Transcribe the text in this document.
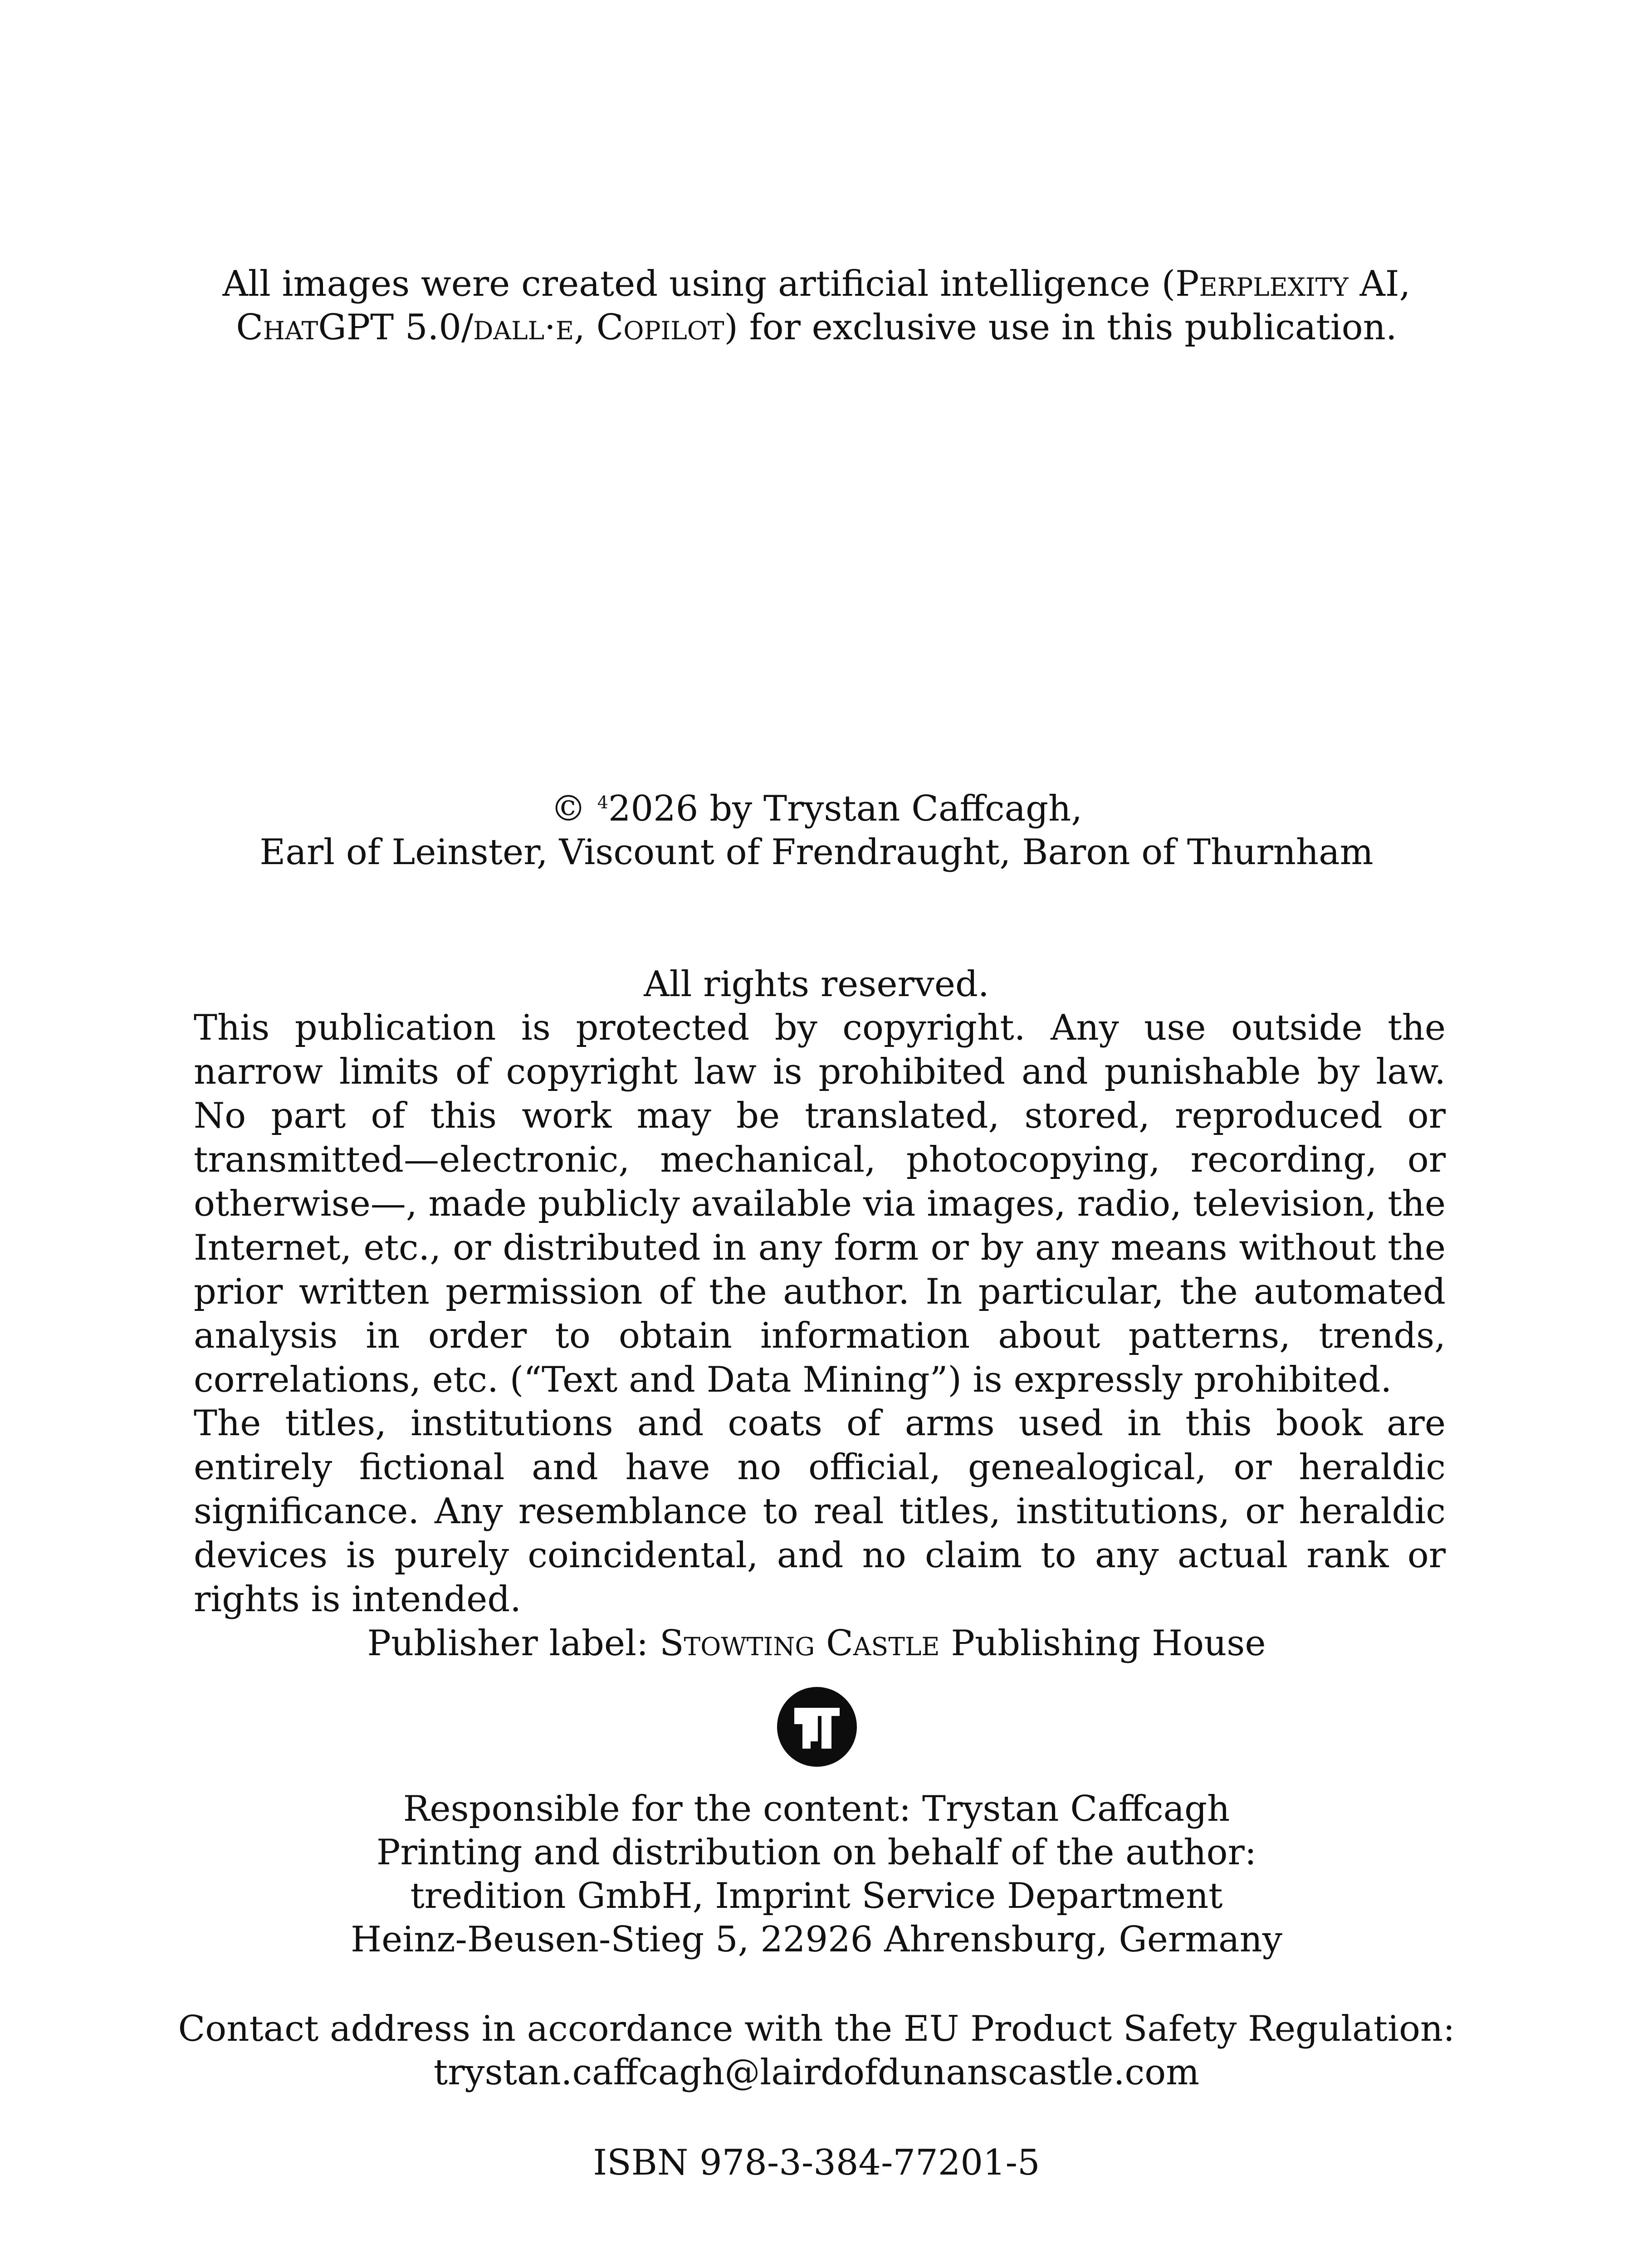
All images were created using artificial intelligence (Perplexity AI,
ChatGPT 5.0/dall·e, Copilot) for exclusive use in this publication.
© $^4$2026 by Trystan Caffcagh,
Earl of Leinster, Viscount of Frendraught, Baron of Thurnham
All rights reserved.
This publication is protected by copyright. Any use outside the narrow limits of copyright law is prohibited and punishable by law. No part of this work may be translated, stored, reproduced or transmitted—electronic, mechanical, photocopying, recording, or otherwise—, made publicly available via images, radio, television, the Internet, etc., or distributed in any form or by any means without the prior written permission of the author. In particular, the automated analysis in order to obtain information about patterns, trends, correlations, etc. (“Text and Data Mining”) is expressly prohibited.
The titles, institutions and coats of arms used in this book are entirely fictional and have no official, genealogical, or heraldic significance. Any resemblance to real titles, institutions, or heraldic devices is purely coincidental, and no claim to any actual rank or rights is intended.
Publisher label: Stowting Castle Publishing House
Responsible for the content: Trystan Caffcagh
Printing and distribution on behalf of the author:
tredition GmbH, Imprint Service Department
Heinz-Beusen-Stieg 5, 22926 Ahrensburg, Germany
Contact address in accordance with the EU Product Safety Regulation:
trystan.caffcagh@lairdofdunanscastle.com
ISBN 978-3-384-77201-5
